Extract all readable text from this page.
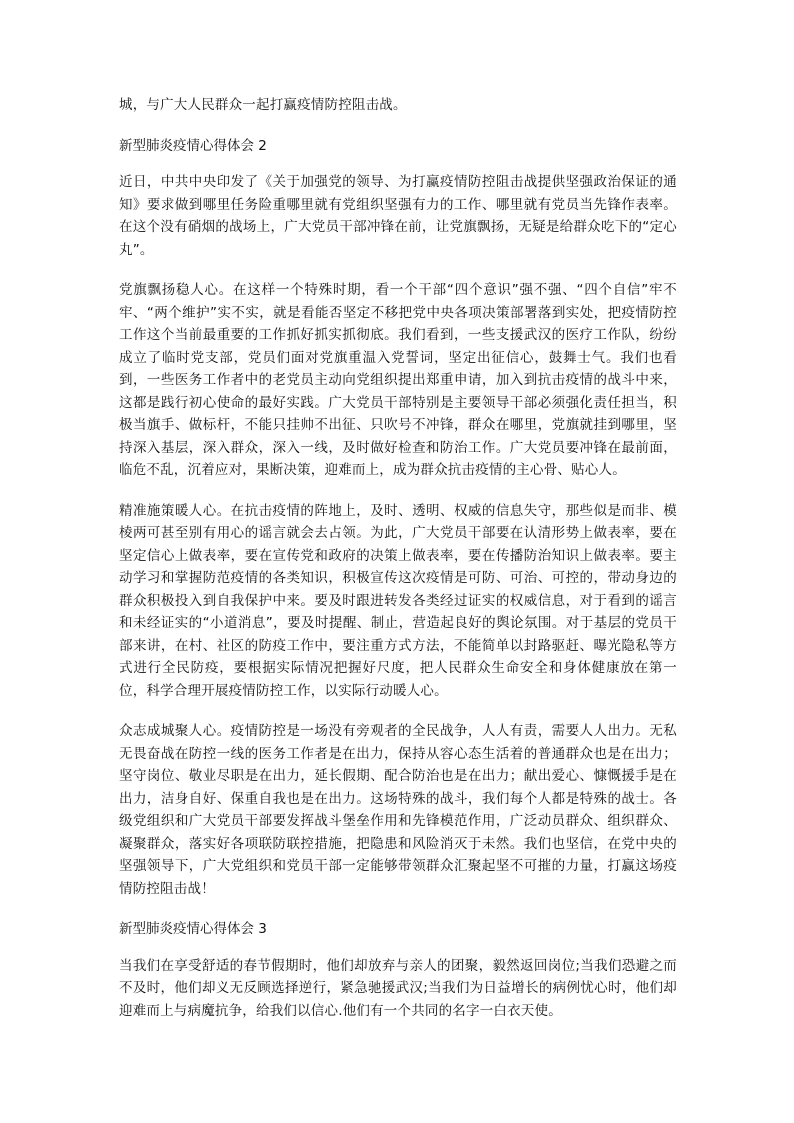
城，与广大人民群众一起打赢疫情防控阻击战。

新型肺炎疫情心得体会 2

近日，中共中央印发了《关于加强党的领导、为打赢疫情防控阻击战提供坚强政治保证的通知》要求做到哪里任务险重哪里就有党组织坚强有力的工作、哪里就有党员当先锋作表率。在这个没有硝烟的战场上，广大党员干部冲锋在前，让党旗飘扬，无疑是给群众吃下的“定心丸”。

党旗飘扬稳人心。在这样一个特殊时期，看一个干部“四个意识”强不强、“四个自信”牢不牢、“两个维护”实不实，就是看能否坚定不移把党中央各项决策部署落到实处，把疫情防控工作这个当前最重要的工作抓好抓实抓彻底。我们看到，一些支援武汉的医疗工作队，纷纷成立了临时党支部，党员们面对党旗重温入党誓词，坚定出征信心，鼓舞士气。我们也看到，一些医务工作者中的老党员主动向党组织提出郑重申请，加入到抗击疫情的战斗中来，这都是践行初心使命的最好实践。广大党员干部特别是主要领导干部必须强化责任担当，积极当旗手、做标杆，不能只挂帅不出征、只吹号不冲锋，群众在哪里，党旗就挂到哪里，坚持深入基层，深入群众，深入一线，及时做好检查和防治工作。广大党员要冲锋在最前面，临危不乱，沉着应对，果断决策，迎难而上，成为群众抗击疫情的主心骨、贴心人。

精准施策暖人心。在抗击疫情的阵地上，及时、透明、权威的信息失守，那些似是而非、模棱两可甚至别有用心的谣言就会去占领。为此，广大党员干部要在认清形势上做表率，要在坚定信心上做表率，要在宣传党和政府的决策上做表率，要在传播防治知识上做表率。要主动学习和掌握防范疫情的各类知识，积极宣传这次疫情是可防、可治、可控的，带动身边的群众积极投入到自我保护中来。要及时跟进转发各类经过证实的权威信息，对于看到的谣言和未经证实的“小道消息”，要及时提醒、制止，营造起良好的舆论氛围。对于基层的党员干部来讲，在村、社区的防疫工作中，要注重方式方法，不能简单以封路驱赶、曝光隐私等方式进行全民防疫，要根据实际情况把握好尺度，把人民群众生命安全和身体健康放在第一位，科学合理开展疫情防控工作，以实际行动暖人心。

众志成城聚人心。疫情防控是一场没有旁观者的全民战争，人人有责，需要人人出力。无私无畏奋战在防控一线的医务工作者是在出力，保持从容心态生活着的普通群众也是在出力；坚守岗位、敬业尽职是在出力，延长假期、配合防治也是在出力；献出爱心、慷慨援手是在出力，洁身自好、保重自我也是在出力。这场特殊的战斗，我们每个人都是特殊的战士。各级党组织和广大党员干部要发挥战斗堡垒作用和先锋模范作用，广泛动员群众、组织群众、凝聚群众，落实好各项联防联控措施，把隐患和风险消灭于未然。我们也坚信，在党中央的坚强领导下，广大党组织和党员干部一定能够带领群众汇聚起坚不可摧的力量，打赢这场疫情防控阻击战！

新型肺炎疫情心得体会 3

当我们在享受舒适的春节假期时，他们却放弃与亲人的团聚，毅然返回岗位;当我们恐避之而不及时，他们却义无反顾选择逆行，紧急驰援武汉;当我们为日益增长的病例忧心时，他们却迎难而上与病魔抗争，给我们以信心.他们有一个共同的名字一白衣天使。
